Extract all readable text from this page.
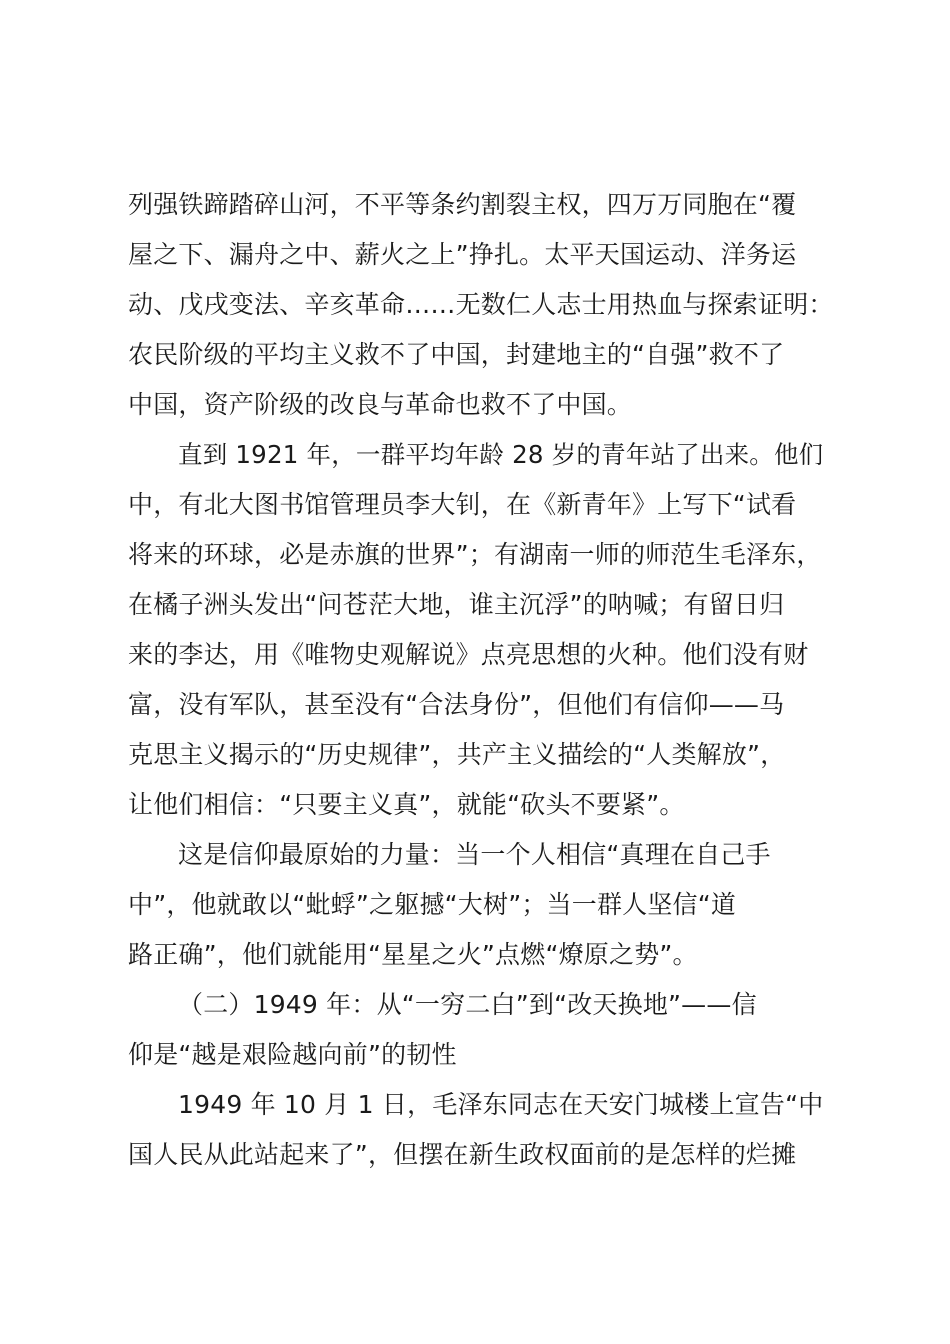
列强铁蹄踏碎山河，不平等条约割裂主权，四万万同胞在“覆
屋之下、漏舟之中、薪火之上”挣扎。太平天国运动、洋务运
动、戊戌变法、辛亥革命……无数仁人志士用热血与探索证明：
农民阶级的平均主义救不了中国，封建地主的“自强”救不了
中国，资产阶级的改良与革命也救不了中国。
直到 1921 年，一群平均年龄 28 岁的青年站了出来。他们
中，有北大图书馆管理员李大钊，在《新青年》上写下“试看
将来的环球，必是赤旗的世界”；有湖南一师的师范生毛泽东，
在橘子洲头发出“问苍茫大地，谁主沉浮”的呐喊；有留日归
来的李达，用《唯物史观解说》点亮思想的火种。他们没有财
富，没有军队，甚至没有“合法身份”，但他们有信仰——马
克思主义揭示的“历史规律”，共产主义描绘的“人类解放”，
让他们相信：“只要主义真”，就能“砍头不要紧”。
这是信仰最原始的力量：当一个人相信“真理在自己手
中”，他就敢以“蚍蜉”之躯撼“大树”；当一群人坚信“道
路正确”，他们就能用“星星之火”点燃“燎原之势”。
（二）1949 年：从“一穷二白”到“改天换地”——信
仰是“越是艰险越向前”的韧性
1949 年 10 月 1 日，毛泽东同志在天安门城楼上宣告“中
国人民从此站起来了”，但摆在新生政权面前的是怎样的烂摊
